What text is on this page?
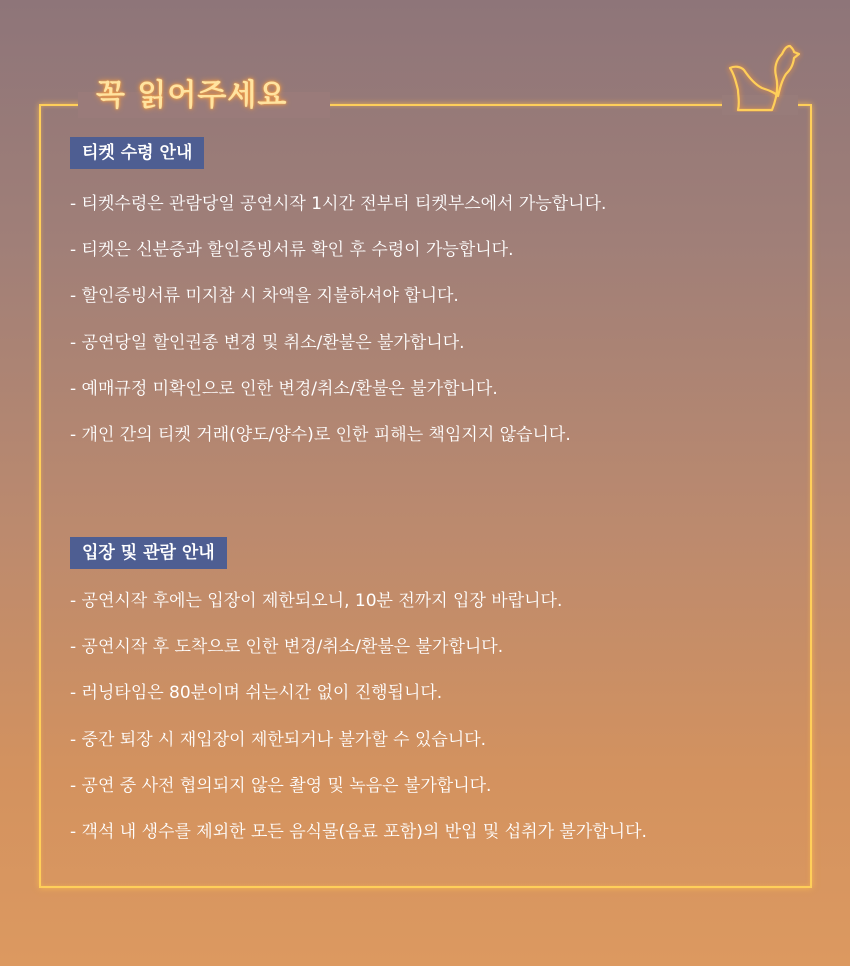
꼭 읽어주세요
티켓 수령 안내
- 티켓수령은 관람당일 공연시작 1시간 전부터 티켓부스에서 가능합니다.
- 티켓은 신분증과 할인증빙서류 확인 후 수령이 가능합니다.
- 할인증빙서류 미지참 시 차액을 지불하셔야 합니다.
- 공연당일 할인권종 변경 및 취소/환불은 불가합니다.
- 예매규정 미확인으로 인한 변경/취소/환불은 불가합니다.
- 개인 간의 티켓 거래(양도/양수)로 인한 피해는 책임지지 않습니다.
입장 및 관람 안내
- 공연시작 후에는 입장이 제한되오니, 10분 전까지 입장 바랍니다.
- 공연시작 후 도착으로 인한 변경/취소/환불은 불가합니다.
- 러닝타임은 80분이며 쉬는시간 없이 진행됩니다.
- 중간 퇴장 시 재입장이 제한되거나 불가할 수 있습니다.
- 공연 중 사전 협의되지 않은 촬영 및 녹음은 불가합니다.
- 객석 내 생수를 제외한 모든 음식물(음료 포함)의 반입 및 섭취가 불가합니다.
